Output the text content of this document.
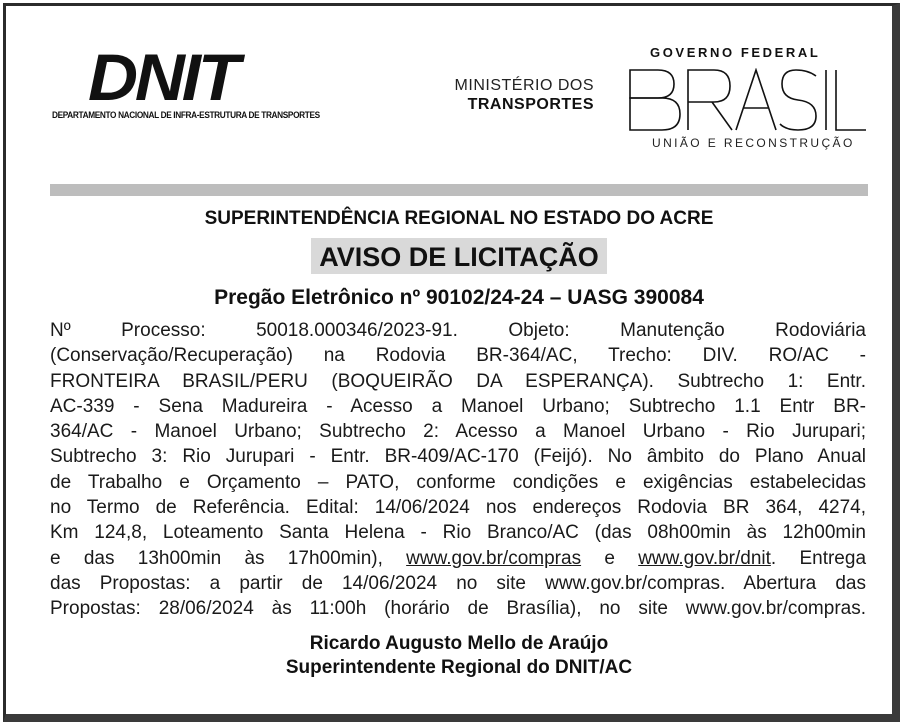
DNIT
DEPARTAMENTO NACIONAL DE INFRA-ESTRUTURA DE TRANSPORTES
MINISTÉRIO DOS
TRANSPORTES
GOVERNO FEDERAL
UNIÃO E RECONSTRUÇÃO
SUPERINTENDÊNCIA REGIONAL NO ESTADO DO ACRE
AVISO DE LICITAÇÃO
Pregão Eletrônico nº 90102/24-24 – UASG 390084
Nº Processo: 50018.000346/2023-91. Objeto: Manutenção Rodoviária
(Conservação/Recuperação) na Rodovia BR-364/AC, Trecho: DIV. RO/AC -
FRONTEIRA BRASIL/PERU (BOQUEIRÃO DA ESPERANÇA). Subtrecho 1: Entr.
AC-339 - Sena Madureira - Acesso a Manoel Urbano; Subtrecho 1.1 Entr BR-
364/AC - Manoel Urbano; Subtrecho 2: Acesso a Manoel Urbano - Rio Jurupari;
Subtrecho 3: Rio Jurupari - Entr. BR-409/AC-170 (Feijó). No âmbito do Plano Anual
de Trabalho e Orçamento – PATO, conforme condições e exigências estabelecidas
no Termo de Referência. Edital: 14/06/2024 nos endereços Rodovia BR 364, 4274,
Km 124,8, Loteamento Santa Helena - Rio Branco/AC (das 08h00min às 12h00min
e das 13h00min às 17h00min), www.gov.br/compras e www.gov.br/dnit. Entrega
das Propostas: a partir de 14/06/2024 no site www.gov.br/compras. Abertura das
Propostas: 28/06/2024 às 11:00h (horário de Brasília), no site www.gov.br/compras.
Ricardo Augusto Mello de Araújo
Superintendente Regional do DNIT/AC
